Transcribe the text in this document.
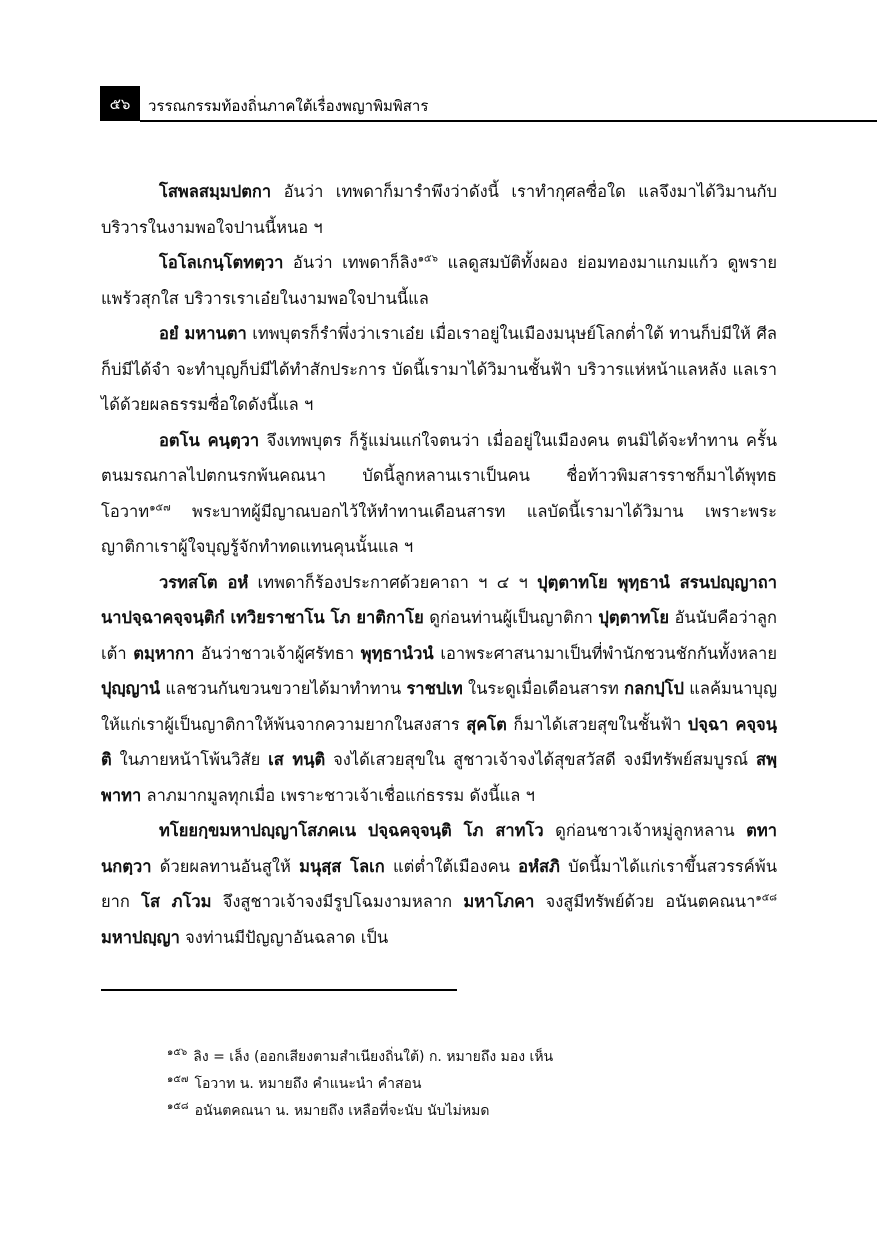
๕๖	วรรณกรรมท้องถิ่นภาคใต้เรื่องพญาพิมพิสาร

โสพลสมฺมปตกา อันว่า เทพดาก็มารำพึงว่าดังนี้ เราทำกุศลซื่อใด แลจึงมาได้วิมานกับบริวารในงามพอใจปานนี้หนอ ฯ

โอโลเกนฺโตทตฺวา อันว่า เทพดาก็ลิง$^{๑๕๖}$ แลดูสมบัติทั้งผอง ย่อมทองมาแกมแก้ว ดูพรายแพร้วสุกใส บริวารเราเอ๋ยในงามพอใจปานนี้แล

อยํ มหานตา เทพบุตรก็รำพึ่งว่าเราเอ๋ย เมื่อเราอยู่ในเมืองมนุษย์โลกต่ำใต้ ทานก็บ่มีให้ ศีลก็บ่มีได้จำ จะทำบุญก็บ่มีได้ทำสักประการ บัดนี้เรามาได้วิมานชั้นฟ้า บริวารแห่หน้าแลหลัง แลเราได้ด้วยผลธรรมซื่อใดดังนี้แล ฯ

อตโน คนฺตฺวา จึงเทพบุตร ก็รู้แม่นแก่ใจตนว่า เมื่ออยู่ในเมืองคน ตนมิได้จะทำทาน ครั้นตนมรณกาลไปตกนรกพ้นคณนา บัดนี้ลูกหลานเราเป็นคน ชื่อท้าวพิมสารราชก็มาได้พุทธโอวาท$^{๑๕๗}$ พระบาทผู้มีญาณบอกไว้ให้ทำทานเดือนสารท แลบัดนี้เรามาได้วิมาน เพราะพระญาติกาเราผู้ใจบุญรู้จักทำทดแทนคุนนั้นแล ฯ

วรทสโต อหํ เทพดาก็ร้องประกาศด้วยคาถา ฯ ๔ ฯ ปุตฺตาทโย พุทฺธานํ สรนปญฺญาถานาปจฺฉาคจฺจนฺติกํ เทวิยราชาโน โภ ยาติกาโย ดูก่อนท่านผู้เป็นญาติกา ปุตฺตาทโย อันนับคือว่าลูกเต้า ตมฺหากา อันว่าชาวเจ้าผู้ศรัทธา พุทฺธานํวนํ เอาพระศาสนามาเป็นที่พำนักชวนชักกันทั้งหลาย ปุญฺญานํ แลชวนกันขวนขวายได้มาทำทาน ราชปเท ในระดูเมื่อเดือนสารท กลกปฺโป แลค้มนาบุญให้แก่เราผู้เป็นญาติกาให้พ้นจากความยากในสงสาร สุคโต ก็มาได้เสวยสุขในชั้นฟ้า ปจฺฉา คจฺจนฺติ ในภายหน้าโพ้นวิสัย เส ทนฺติ จงได้เสวยสุขใน สูชาวเจ้าจงได้สุขสวัสดี จงมีทรัพย์สมบูรณ์ สพฺพาทา ลาภมากมูลทุกเมื่อ เพราะชาวเจ้าเชื่อแก่ธรรม ดังนี้แล ฯ

ทโยยกฺขมหาปญฺญาโสภคเน ปจฺฉคจฺจนฺติ โภ สาทโว ดูก่อนชาวเจ้าหมู่ลูกหลาน ตทานกตฺวา ด้วยผลทานอันสูให้ มนุสฺส โลเก แต่ต่ำใต้เมืองคน อหํสภิ บัดนี้มาได้แก่เราขึ้นสวรรค์พ้นยาก โส ภโวม จึงสูชาวเจ้าจงมีรูปโฉมงามหลาก มหาโภคา จงสูมีทรัพย์ด้วย อนันตคณนา$^{๑๕๘}$ มหาปญฺญา จงท่านมีปัญญาอันฉลาด เป็น

$^{๑๕๖}$ ลิง = เล็ง (ออกเสียงตามสำเนียงถิ่นใต้) ก. หมายถึง มอง เห็น

$^{๑๕๗}$ โอวาท น. หมายถึง คำแนะนำ คำสอน

$^{๑๕๘}$ อนันตคณนา น. หมายถึง เหลือที่จะนับ นับไม่หมด
